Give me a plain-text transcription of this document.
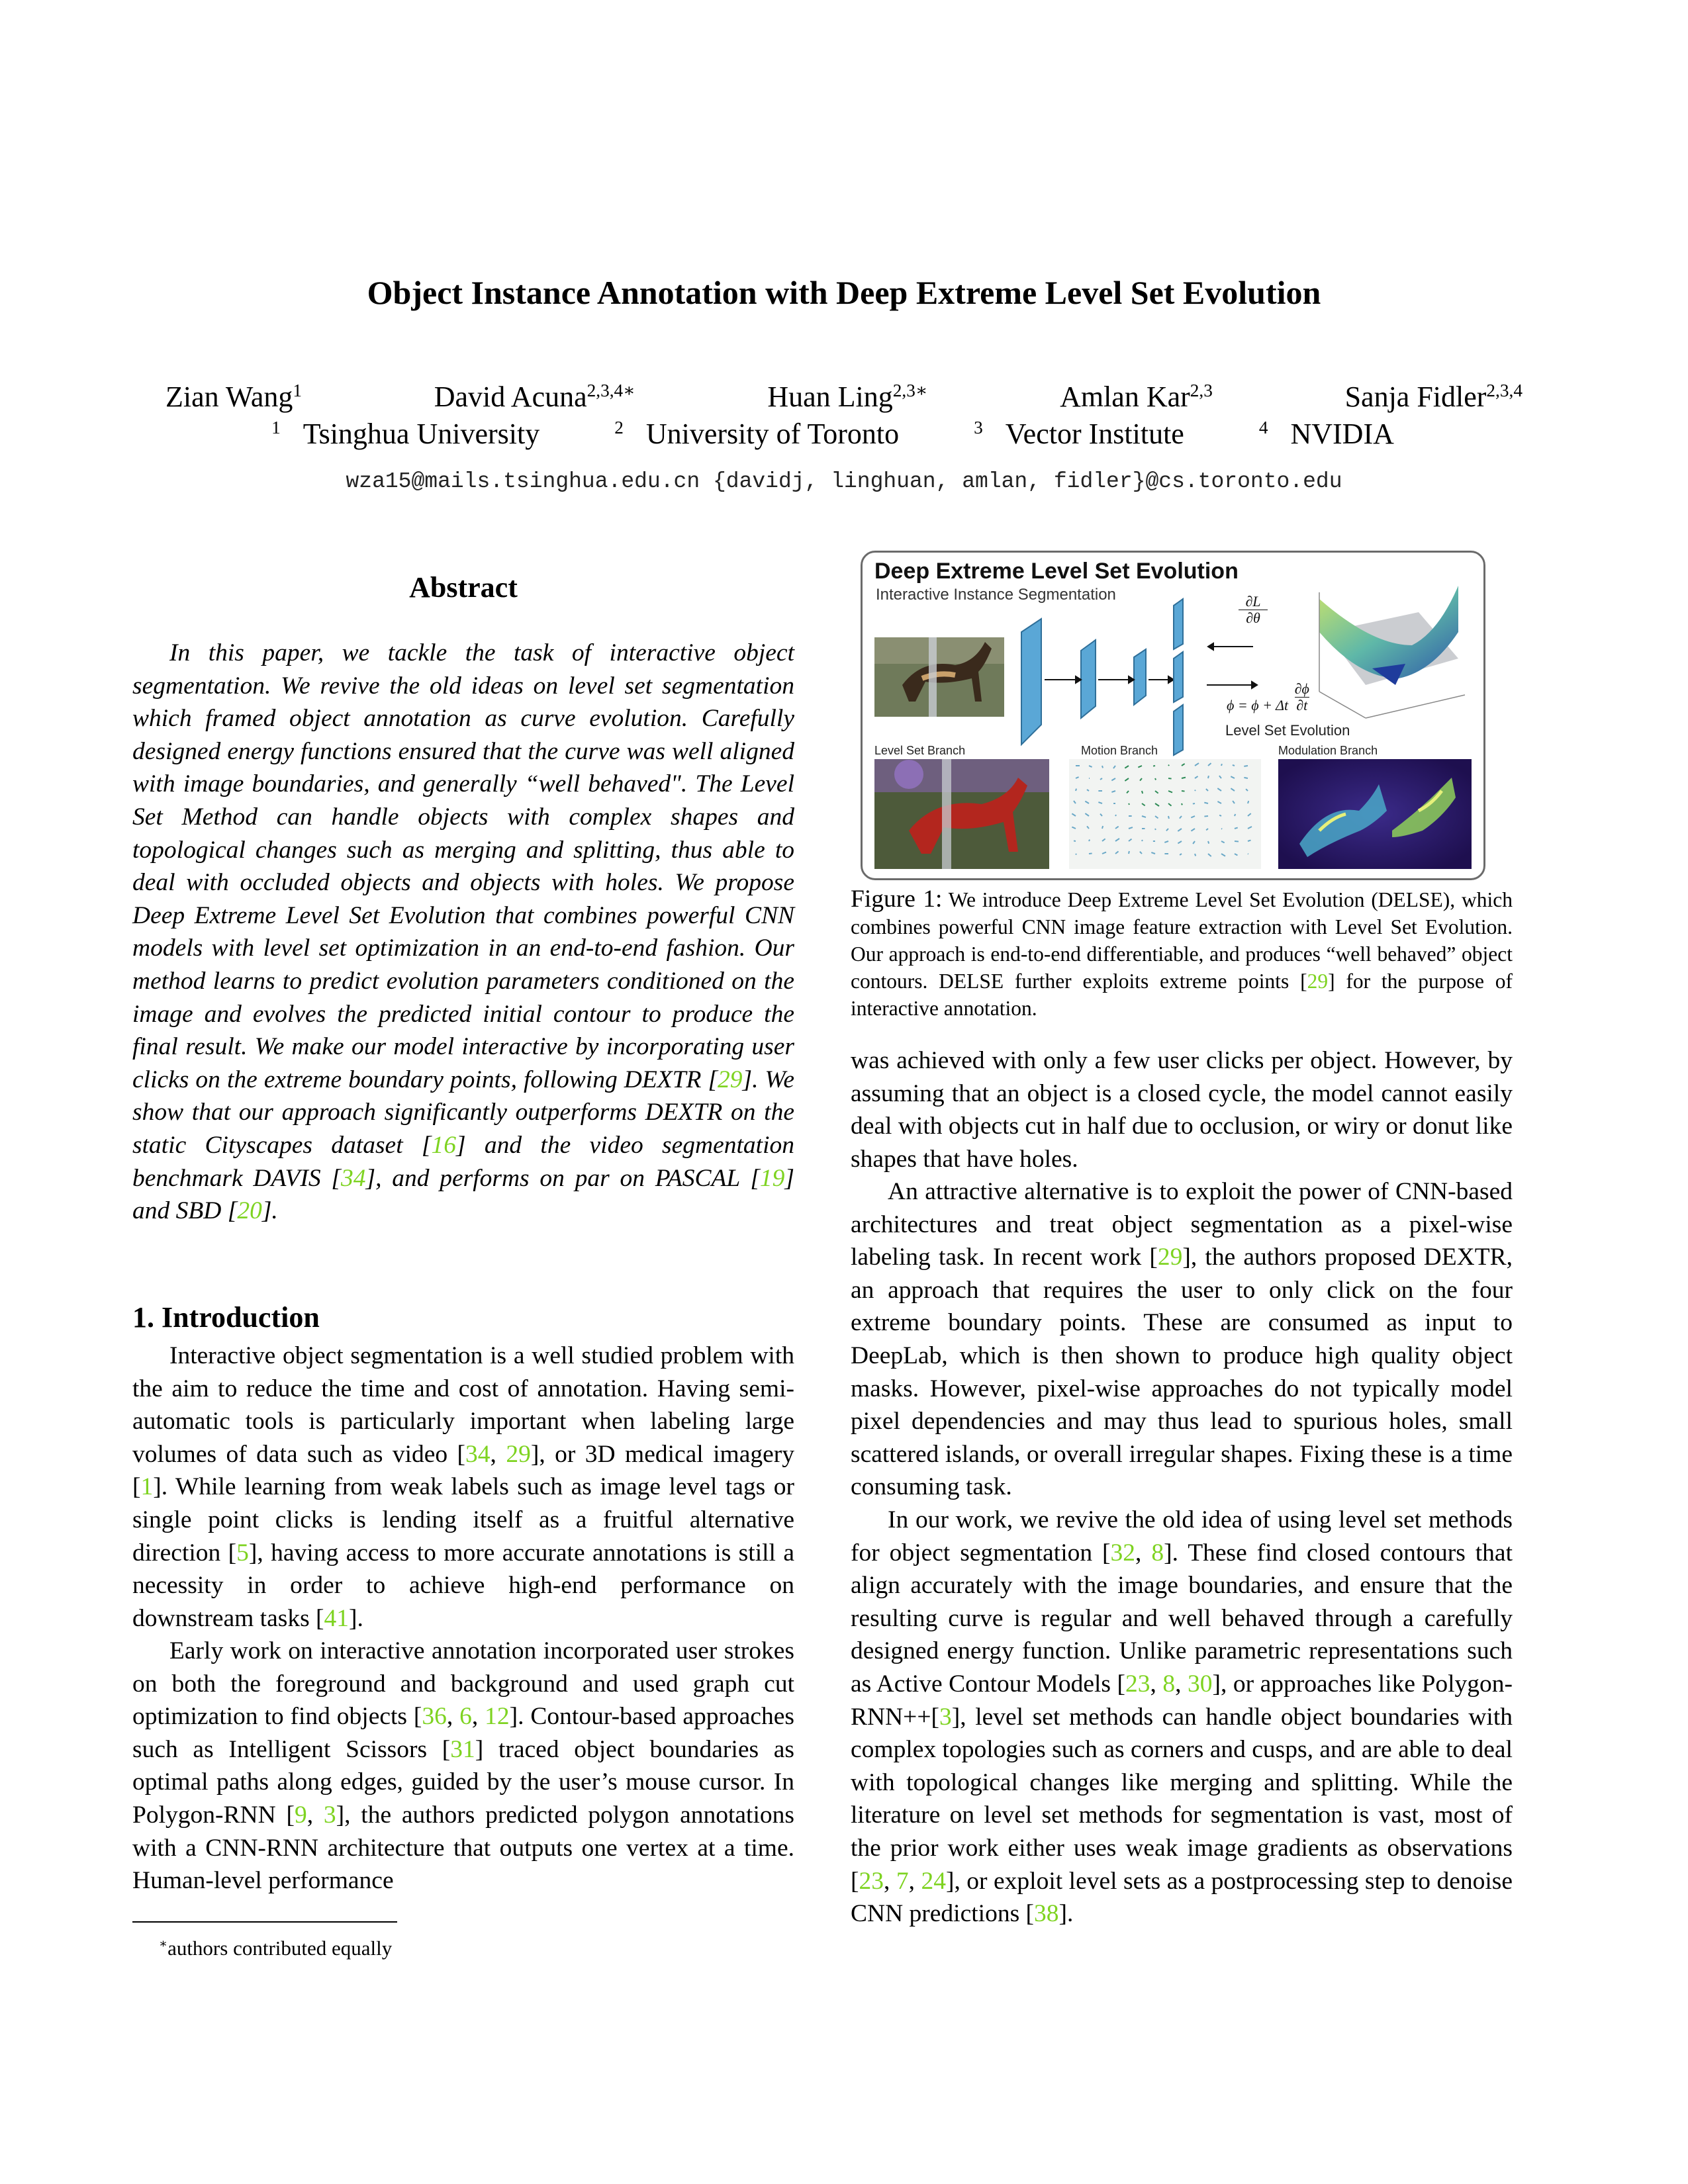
Object Instance Annotation with Deep Extreme Level Set Evolution
Zian Wang$^1$	David Acuna$^{2,3,4∗}$	Huan Ling$^{2,3∗}$	Amlan Kar$^{2,3}$	Sanja Fidler$^{2,3,4}$
$^1$ Tsinghua University	$^2$ University of Toronto	$^3$ Vector Institute	$^4$ NVIDIA
wza15@mails.tsinghua.edu.cn {davidj, linghuan, amlan, fidler}@cs.toronto.edu
Abstract

In this paper, we tackle the task of interactive object segmentation. We revive the old ideas on level set segmentation which framed object annotation as curve evolution. Carefully designed energy functions ensured that the curve was well aligned with image boundaries, and generally “well behaved". The Level Set Method can handle objects with complex shapes and topological changes such as merging and splitting, thus able to deal with occluded objects and objects with holes. We propose Deep Extreme Level Set Evolution that combines powerful CNN models with level set optimization in an end-to-end fashion. Our method learns to predict evolution parameters conditioned on the image and evolves the predicted initial contour to produce the final result. We make our model interactive by incorporating user clicks on the extreme boundary points, following DEXTR [29]. We show that our approach significantly outperforms DEXTR on the static Cityscapes dataset [16] and the video segmentation benchmark DAVIS [34], and performs on par on PASCAL [19] and SBD [20].

1. Introduction

Interactive object segmentation is a well studied problem with the aim to reduce the time and cost of annotation. Having semi-automatic tools is particularly important when labeling large volumes of data such as video [34, 29], or 3D medical imagery [1]. While learning from weak labels such as image level tags or single point clicks is lending itself as a fruitful alternative direction [5], having access to more accurate annotations is still a necessity in order to achieve high-end performance on downstream tasks [41].

Early work on interactive annotation incorporated user strokes on both the foreground and background and used graph cut optimization to find objects [36, 6, 12]. Contour-based approaches such as Intelligent Scissors [31] traced object boundaries as optimal paths along edges, guided by the user’s mouse cursor. In Polygon-RNN [9, 3], the authors predicted polygon annotations with a CNN-RNN architecture that outputs one vertex at a time. Human-level performance

∗authors contributed equally
Deep Extreme Level Set Evolution
Interactive Instance Segmentation	∂L
∂θ
ϕ = ϕ + Δt $\frac{\partial\phi}{\partial t}$
Level Set Evolution
Level Set Branch	Motion Branch	Modulation Branch

Figure 1: We introduce Deep Extreme Level Set Evolution (DELSE), which combines powerful CNN image feature extraction with Level Set Evolution. Our approach is end-to-end differentiable, and produces “well behaved” object contours. DELSE further exploits extreme points [29] for the purpose of interactive annotation.

was achieved with only a few user clicks per object. However, by assuming that an object is a closed cycle, the model cannot easily deal with objects cut in half due to occlusion, or wiry or donut like shapes that have holes.

An attractive alternative is to exploit the power of CNN-based architectures and treat object segmentation as a pixel-wise labeling task. In recent work [29], the authors proposed DEXTR, an approach that requires the user to only click on the four extreme boundary points. These are consumed as input to DeepLab, which is then shown to produce high quality object masks. However, pixel-wise approaches do not typically model pixel dependencies and may thus lead to spurious holes, small scattered islands, or overall irregular shapes. Fixing these is a time consuming task.

In our work, we revive the old idea of using level set methods for object segmentation [32, 8]. These find closed contours that align accurately with the image boundaries, and ensure that the resulting curve is regular and well behaved through a carefully designed energy function. Unlike parametric representations such as Active Contour Models [23, 8, 30], or approaches like Polygon-RNN++[3], level set methods can handle object boundaries with complex topologies such as corners and cusps, and are able to deal with topological changes like merging and splitting. While the literature on level set methods for segmentation is vast, most of the prior work either uses weak image gradients as observations [23, 7, 24], or exploit level sets as a postprocessing step to denoise CNN predictions [38].
